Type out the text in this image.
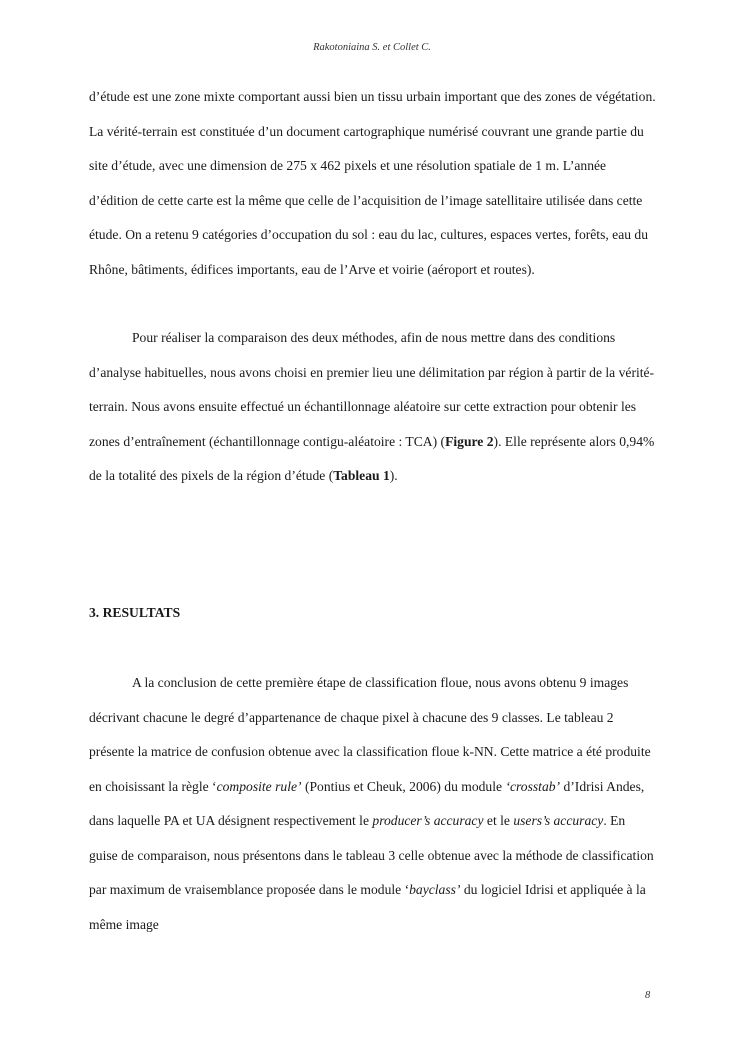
Rakotoniaina S. et Collet C.

d’étude est une zone mixte comportant aussi bien un tissu urbain important que des zones de végétation. La vérité-terrain est constituée d’un document cartographique numérisé couvrant une grande partie du site d’étude, avec une dimension de 275 x 462 pixels et une résolution spatiale de 1 m. L’année d’édition de cette carte est la même que celle de l’acquisition de l’image satellitaire utilisée dans cette étude. On a retenu 9 catégories d’occupation du sol : eau du lac, cultures, espaces vertes, forêts, eau du Rhône, bâtiments, édifices importants, eau de l’Arve et voirie (aéroport et routes).

Pour réaliser la comparaison des deux méthodes, afin de nous mettre dans des conditions d’analyse habituelles, nous avons choisi en premier lieu une délimitation par région à partir de la vérité-terrain. Nous avons ensuite effectué un échantillonnage aléatoire sur cette extraction pour obtenir les zones d’entraînement (échantillonnage contigu-aléatoire : TCA) (Figure 2). Elle représente alors 0,94% de la totalité des pixels de la région d’étude (Tableau 1).

3. RESULTATS

A la conclusion de cette première étape de classification floue, nous avons obtenu 9 images décrivant chacune le degré d’appartenance de chaque pixel à chacune des 9 classes. Le tableau 2 présente la matrice de confusion obtenue avec la classification floue k-NN. Cette matrice a été produite en choisissant la règle ‘composite rule’ (Pontius et Cheuk, 2006) du module ‘crosstab’ d’Idrisi Andes, dans laquelle PA et UA désignent respectivement le producer’s accuracy et le users’s accuracy. En guise de comparaison, nous présentons dans le tableau 3 celle obtenue avec la méthode de classification par maximum de vraisemblance proposée dans le module ‘bayclass’ du logiciel Idrisi et appliquée à la même image

8
